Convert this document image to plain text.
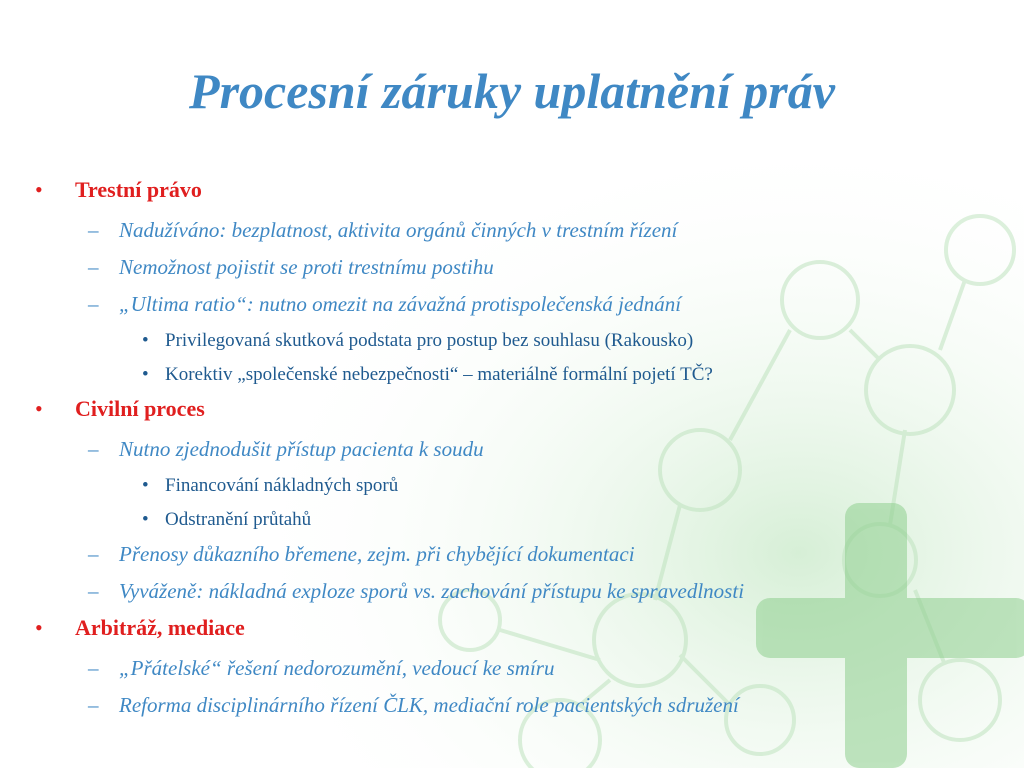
Procesní záruky uplatnění práv
• Trestní právo
– Nadužíváno: bezplatnost, aktivita orgánů činných v trestním řízení
– Nemožnost pojistit se proti trestnímu postihu
– „Ultima ratio“: nutno omezit na závažná protispolečenská jednání
• Privilegovaná skutková podstata pro postup bez souhlasu (Rakousko)
• Korektiv „společenské nebezpečnosti“ – materiálně formální pojetí TČ?
• Civilní proces
– Nutno zjednodušit přístup pacienta k soudu
• Financování nákladných sporů
• Odstranění průtahů
– Přenosy důkazního břemene, zejm. při chybějící dokumentaci
– Vyváženě: nákladná exploze sporů vs. zachování přístupu ke spravedlnosti
• Arbitráž, mediace
– „Přátelské“ řešení nedorozumění, vedoucí ke smíru
– Reforma disciplinárního řízení ČLK, mediační role pacientských sdružení
